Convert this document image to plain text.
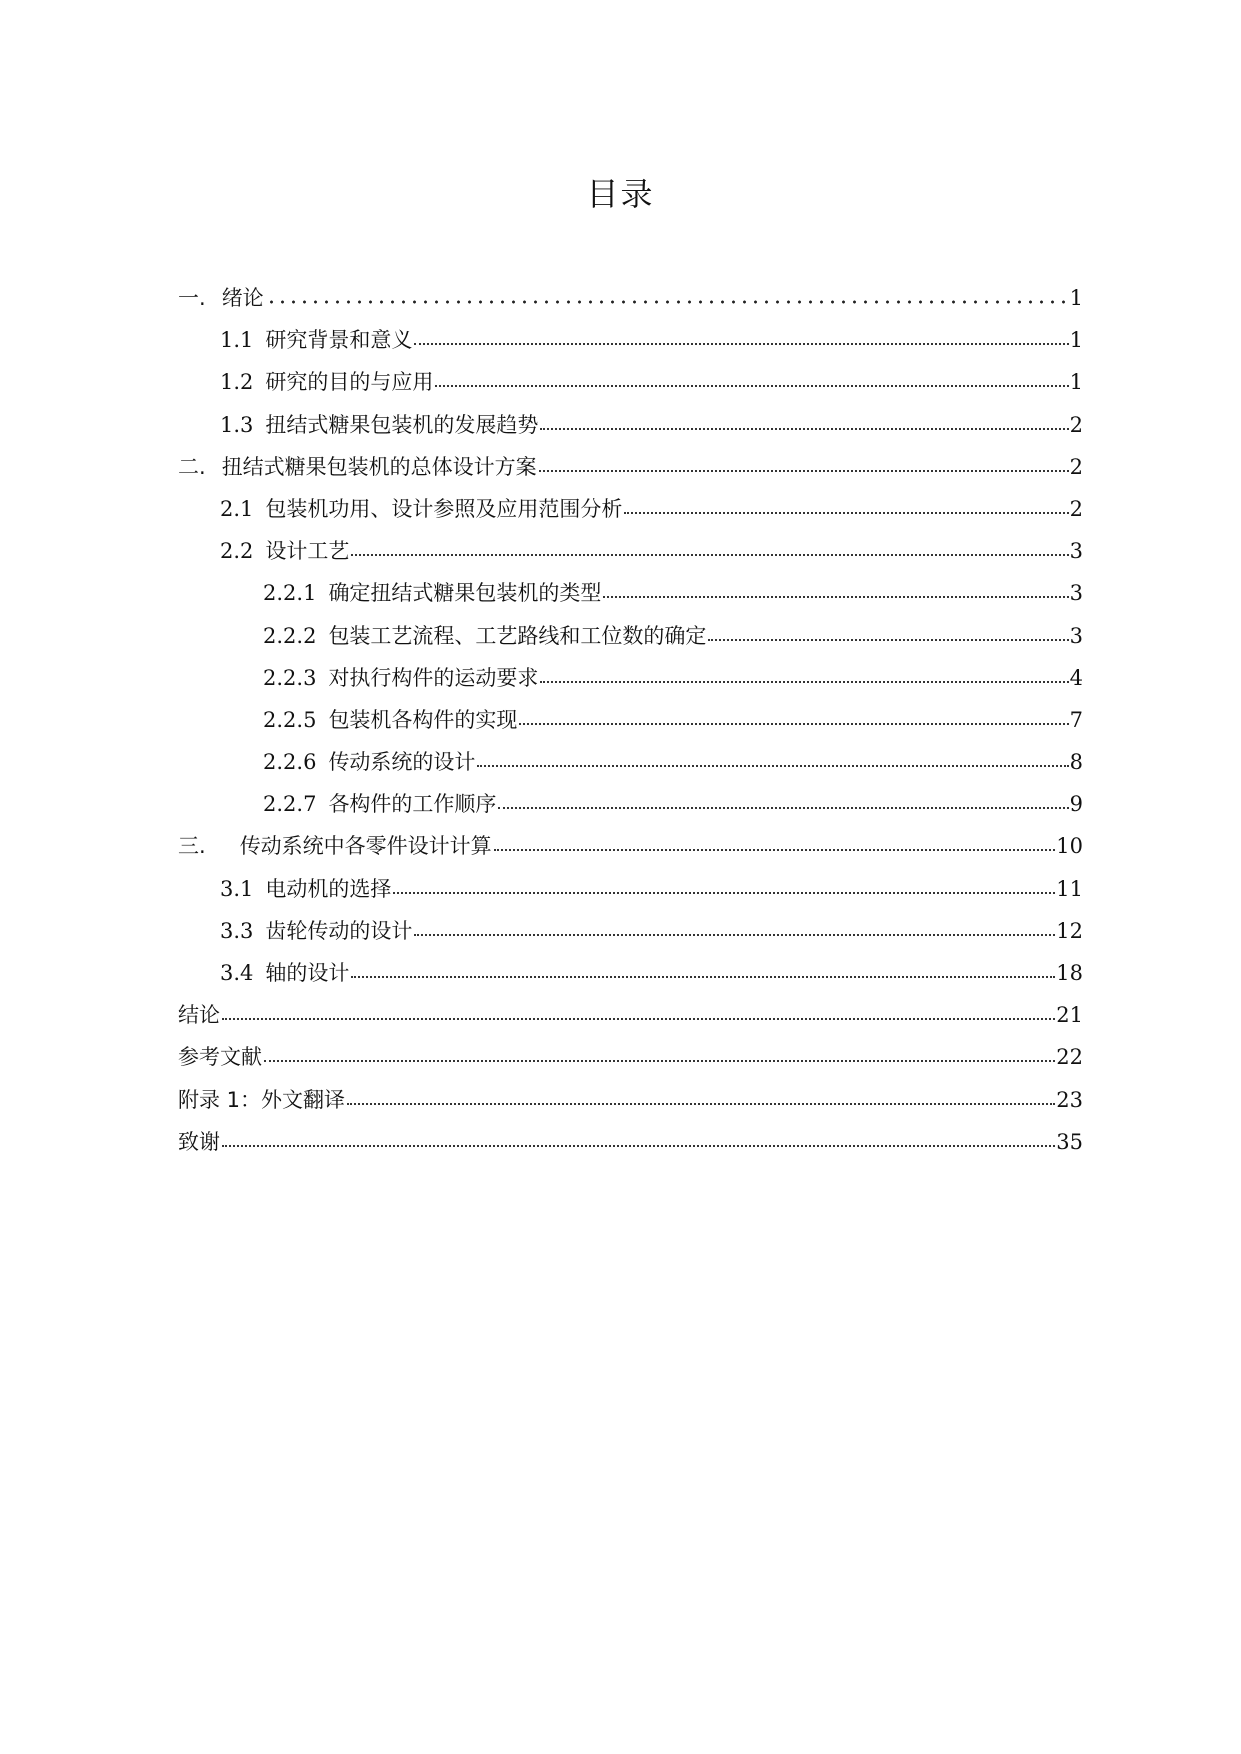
目录
一. 绪论	1
1.1 研究背景和意义	1
1.2 研究的目的与应用	1
1.3 扭结式糖果包装机的发展趋势	2
二. 扭结式糖果包装机的总体设计方案	2
2.1 包装机功用、设计参照及应用范围分析	2
2.2 设计工艺	3
2.2.1 确定扭结式糖果包装机的类型	3
2.2.2 包装工艺流程、工艺路线和工位数的确定	3
2.2.3 对执行构件的运动要求	4
2.2.5 包装机各构件的实现	7
2.2.6 传动系统的设计	8
2.2.7 各构件的工作顺序	9
三. 传动系统中各零件设计计算	10
3.1 电动机的选择	11
3.3 齿轮传动的设计	12
3.4 轴的设计	18
结论	21
参考文献	22
附录 1：外文翻译	23
致谢	35
